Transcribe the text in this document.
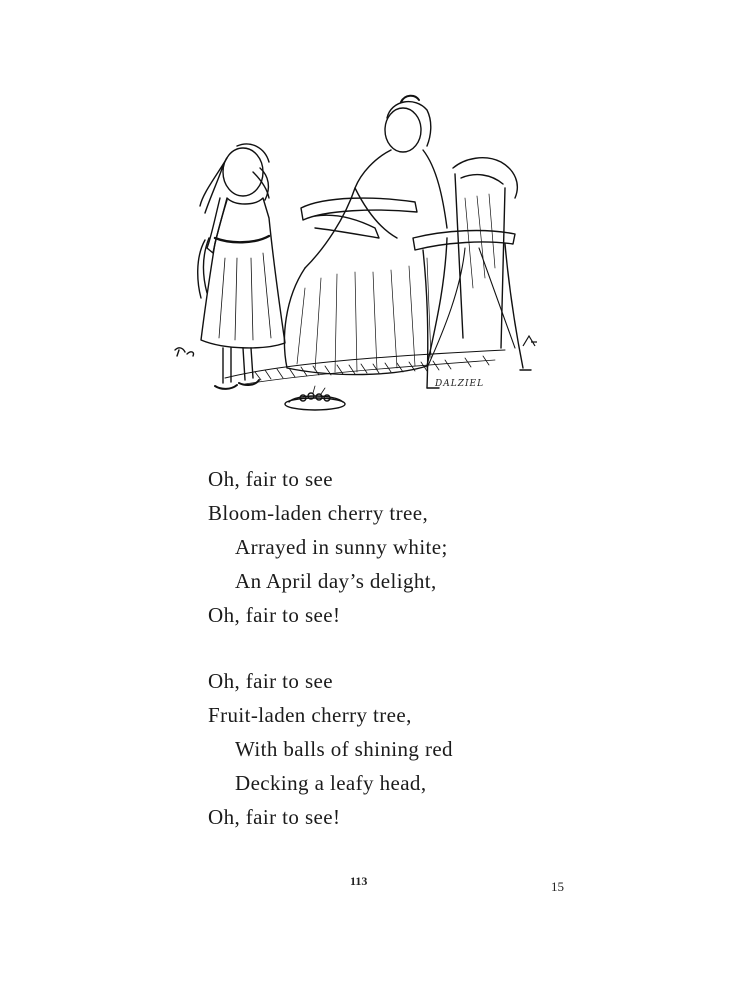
DALZIEL
Oh, fair to see
Bloom-laden cherry tree,
Arrayed in sunny white;
An April day’s delight,
Oh, fair to see!
Oh, fair to see
Fruit-laden cherry tree,
With balls of shining red
Decking a leafy head,
Oh, fair to see!
113	15
